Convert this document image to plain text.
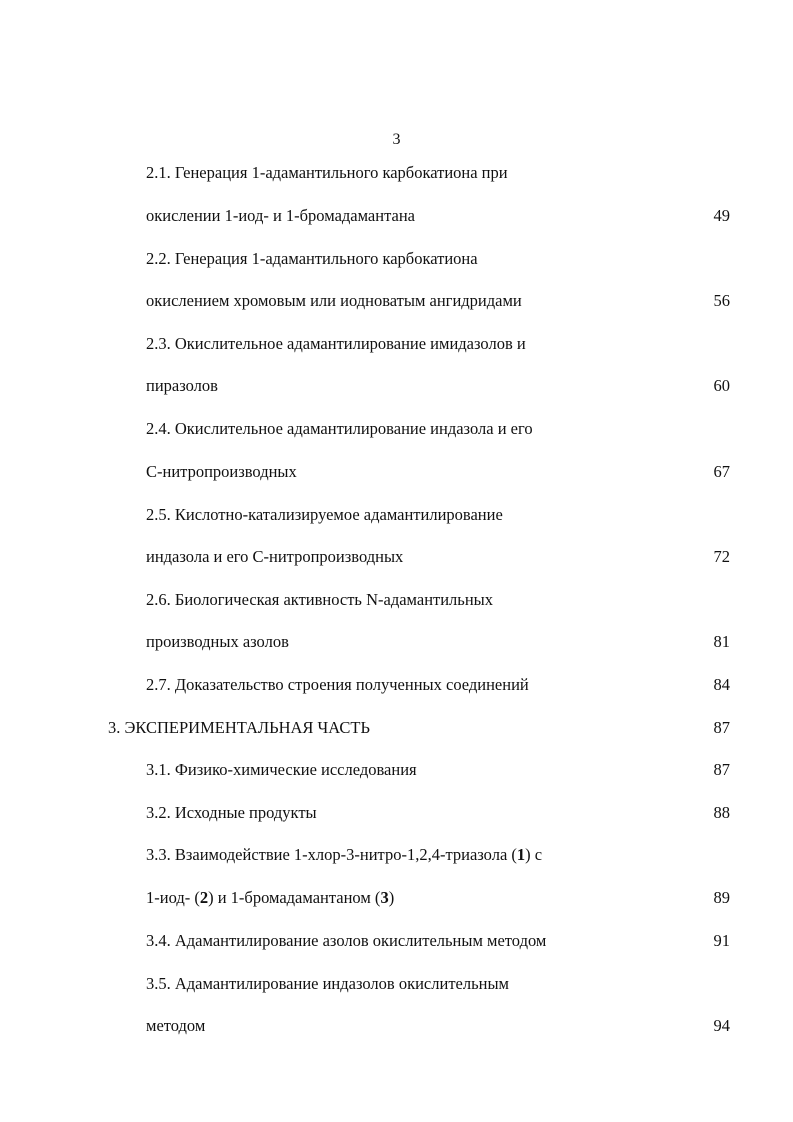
3
2.1. Генерация 1-адамантильного карбокатиона при
окислении 1-иод- и 1-бромадамантана	49
2.2. Генерация 1-адамантильного карбокатиона
окислением хромовым или иодноватым ангидридами	56
2.3. Окислительное адамантилирование имидазолов и
пиразолов	60
2.4. Окислительное адамантилирование индазола и его
С-нитропроизводных	67
2.5. Кислотно-катализируемое адамантилирование
индазола и его С-нитропроизводных	72
2.6. Биологическая активность N-адамантильных
производных азолов	81
2.7. Доказательство строения полученных соединений	84
3. ЭКСПЕРИМЕНТАЛЬНАЯ ЧАСТЬ	87
3.1. Физико-химические исследования	87
3.2. Исходные продукты	88
3.3. Взаимодействие 1-хлор-3-нитро-1,2,4-триазола (1) с
1-иод- (2) и 1-бромадамантаном (3)	89
3.4. Адамантилирование азолов окислительным методом	91
3.5. Адамантилирование индазолов окислительным
методом	94
